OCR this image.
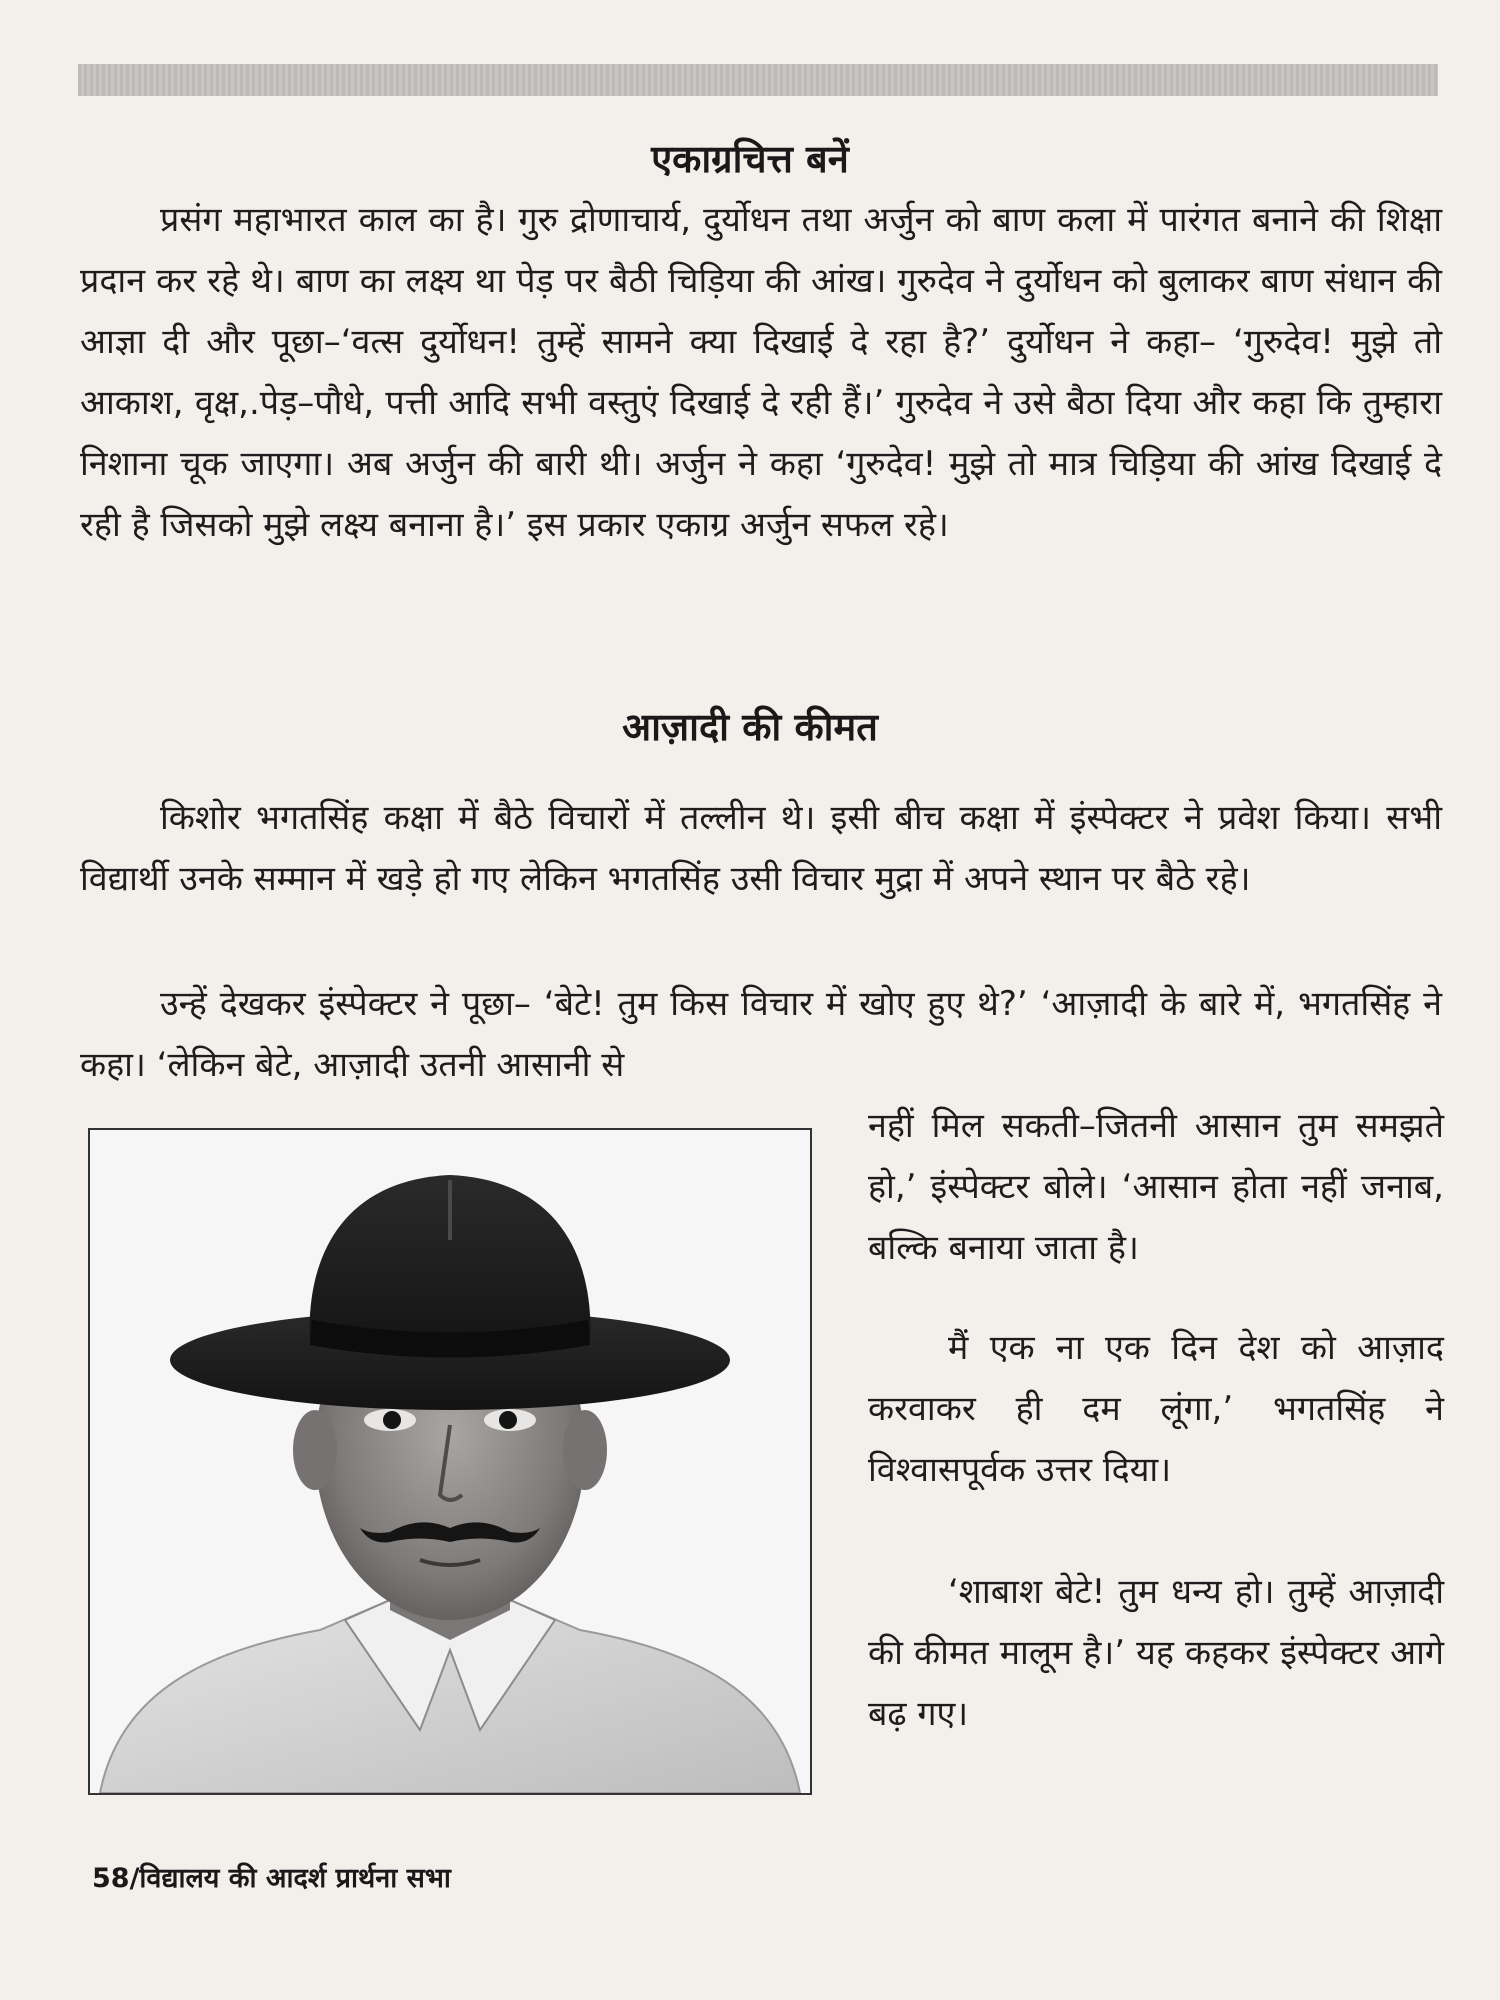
एकाग्रचित्त बनें

प्रसंग महाभारत काल का है। गुरु द्रोणाचार्य, दुर्योधन तथा अर्जुन को बाण कला में पारंगत बनाने की शिक्षा प्रदान कर रहे थे। बाण का लक्ष्य था पेड़ पर बैठी चिड़िया की आंख। गुरुदेव ने दुर्योधन को बुलाकर बाण संधान की आज्ञा दी और पूछा–‘वत्स दुर्योधन! तुम्हें सामने क्या दिखाई दे रहा है?’ दुर्योधन ने कहा– ‘गुरुदेव! मुझे तो आकाश, वृक्ष,.पेड़–पौधे, पत्ती आदि सभी वस्तुएं दिखाई दे रही हैं।’ गुरुदेव ने उसे बैठा दिया और कहा कि तुम्हारा निशाना चूक जाएगा। अब अर्जुन की बारी थी। अर्जुन ने कहा ‘गुरुदेव! मुझे तो मात्र चिड़िया की आंख दिखाई दे रही है जिसको मुझे लक्ष्य बनाना है।’ इस प्रकार एकाग्र अर्जुन सफल रहे।

आज़ादी की कीमत

किशोर भगतसिंह कक्षा में बैठे विचारों में तल्लीन थे। इसी बीच कक्षा में इंस्पेक्टर ने प्रवेश किया। सभी विद्यार्थी उनके सम्मान में खड़े हो गए लेकिन भगतसिंह उसी विचार मुद्रा में अपने स्थान पर बैठे रहे।

उन्हें देखकर इंस्पेक्टर ने पूछा– ‘बेटे! तुम किस विचार में खोए हुए थे?’ ‘आज़ादी के बारे में, भगतसिंह ने कहा। ‘लेकिन बेटे, आज़ादी उतनी आसानी से

नहीं मिल सकती–जितनी आसान तुम समझते हो,’ इंस्पेक्टर बोले। ‘आसान होता नहीं जनाब, बल्कि बनाया जाता है।

मैं एक ना एक दिन देश को आज़ाद करवाकर ही दम लूंगा,’ भगतसिंह ने विश्वासपूर्वक उत्तर दिया।

‘शाबाश बेटे! तुम धन्य हो। तुम्हें आज़ादी की कीमत मालूम है।’ यह कहकर इंस्पेक्टर आगे बढ़ गए।

58/विद्यालय की आदर्श प्रार्थना सभा
